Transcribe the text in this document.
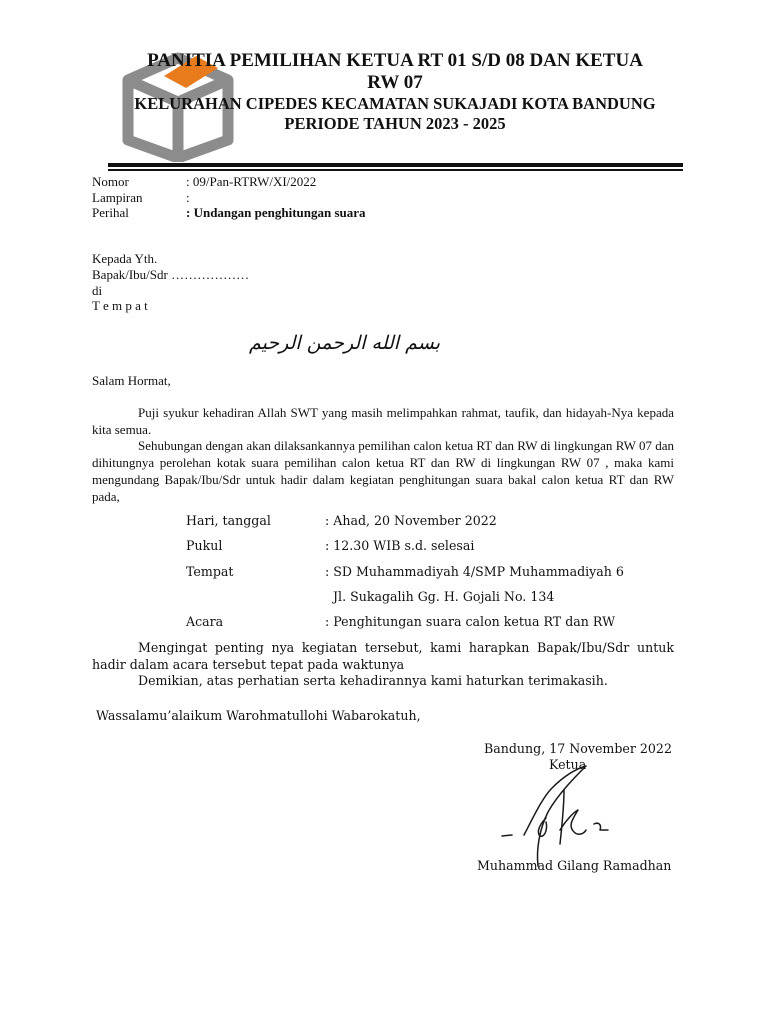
PANITIA PEMILIHAN KETUA RT 01 S/D 08 DAN KETUA
RW 07
KELURAHAN CIPEDES KECAMATAN SUKAJADI KOTA BANDUNG
PERIODE TAHUN 2023 - 2025
Nomor	: 09/Pan-RTRW/XI/2022
Lampiran	:
Perihal	: Undangan penghitungan suara
Kepada Yth.
Bapak/Ibu/Sdr ………………
di
T e m p a t
بسم الله الرحمن الرحيم
Salam Hormat,
Puji syukur kehadiran Allah SWT yang masih melimpahkan rahmat, taufik, dan hidayah-Nya kepada kita semua.
Sehubungan dengan akan dilaksankannya pemilihan calon ketua RT dan RW di lingkungan RW 07 dan dihitungnya perolehan kotak suara pemilihan calon ketua RT dan RW di lingkungan RW 07 , maka kami mengundang Bapak/Ibu/Sdr untuk hadir dalam kegiatan penghitungan suara bakal calon ketua RT dan RW pada,
Hari, tanggal	: Ahad, 20 November 2022
Pukul	: 12.30 WIB s.d. selesai
Tempat	: SD Muhammadiyah 4/SMP Muhammadiyah 6
Jl. Sukagalih Gg. H. Gojali No. 134
Acara	: Penghitungan suara calon ketua RT dan RW
Mengingat penting nya kegiatan tersebut, kami harapkan Bapak/Ibu/Sdr untuk hadir dalam acara tersebut tepat pada waktunya
Demikian, atas perhatian serta kehadirannya kami haturkan terimakasih.
Wassalamu’alaikum Warohmatullohi Wabarokatuh,
Bandung, 17 November 2022
Ketua
Muhammad Gilang Ramadhan
